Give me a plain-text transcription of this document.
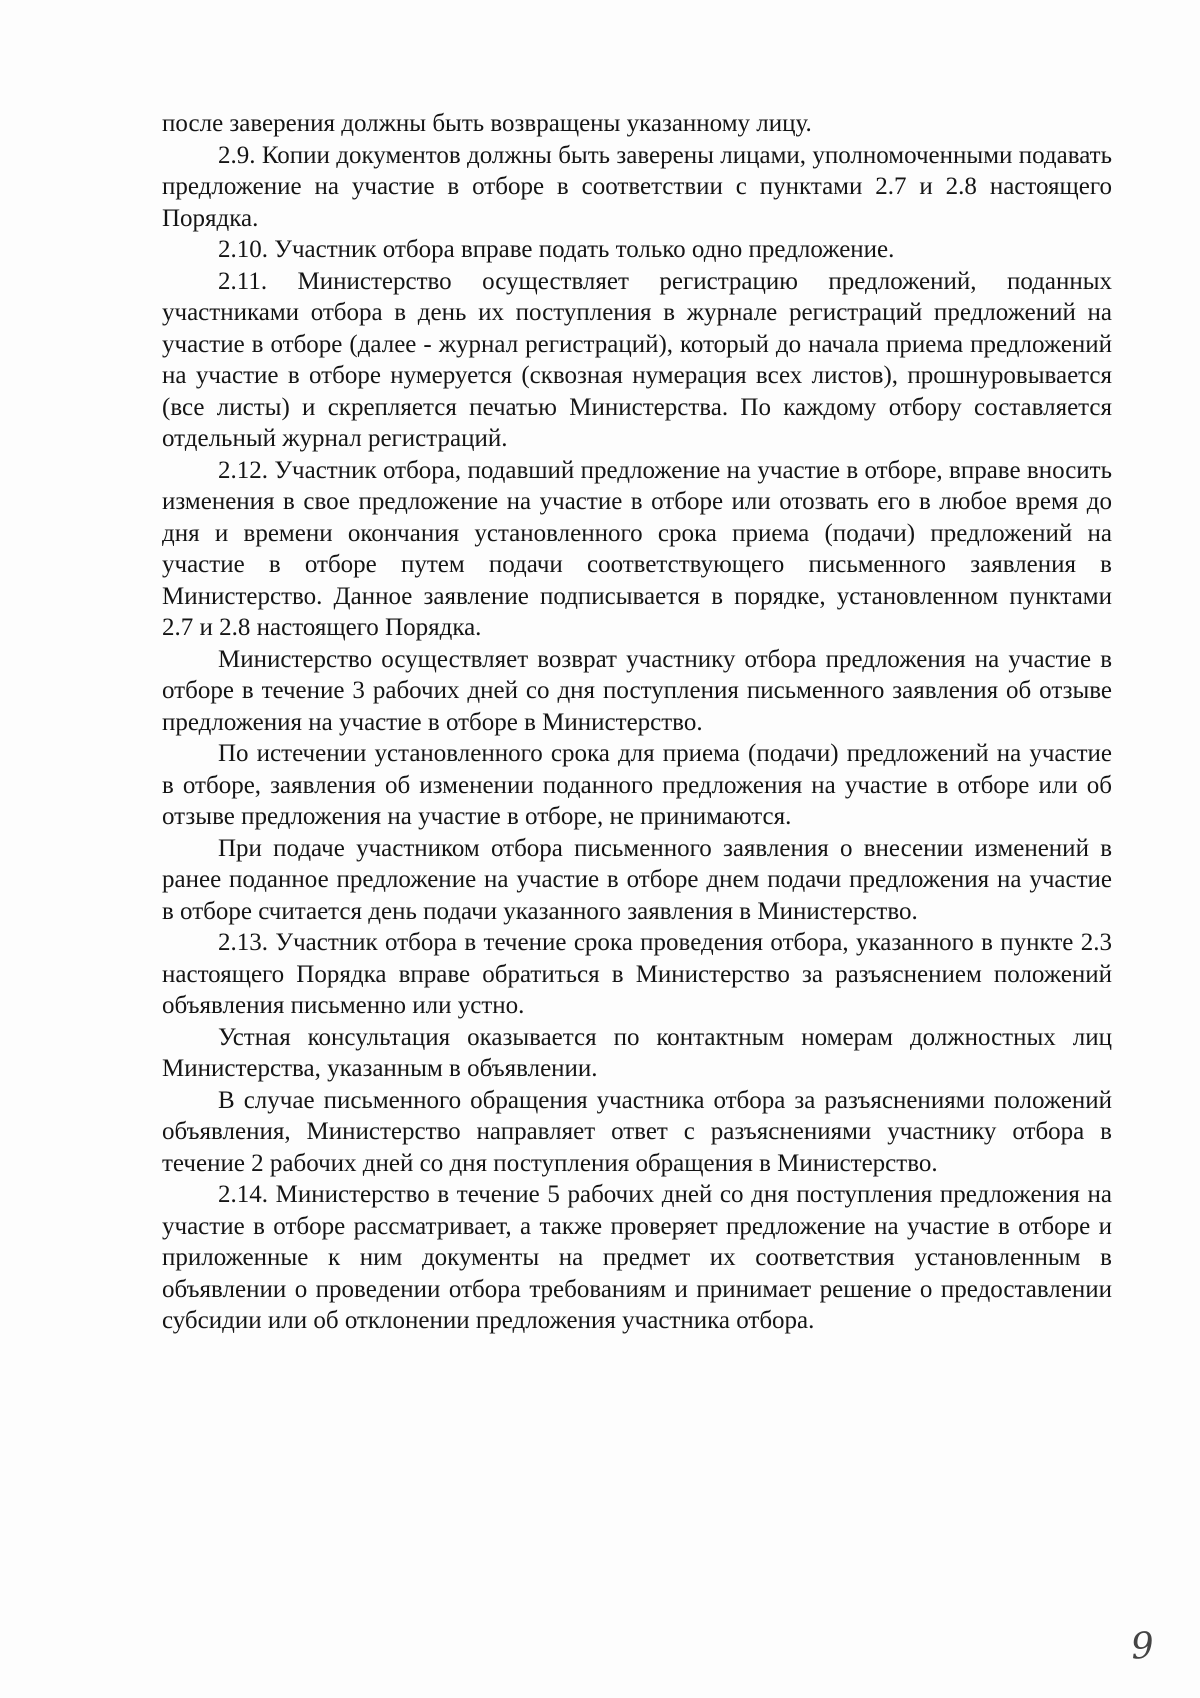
после заверения должны быть возвращены указанному лицу.

2.9. Копии документов должны быть заверены лицами, уполномоченными подавать предложение на участие в отборе в соответствии с пунктами 2.7 и 2.8 настоящего Порядка.

2.10. Участник отбора вправе подать только одно предложение.

2.11. Министерство осуществляет регистрацию предложений, поданных участниками отбора в день их поступления в журнале регистраций предложений на участие в отборе (далее - журнал регистраций), который до начала приема предложений на участие в отборе нумеруется (сквозная нумерация всех листов), прошнуровывается (все листы) и скрепляется печатью Министерства. По каждому отбору составляется отдельный журнал регистраций.

2.12. Участник отбора, подавший предложение на участие в отборе, вправе вносить изменения в свое предложение на участие в отборе или отозвать его в любое время до дня и времени окончания установленного срока приема (подачи) предложений на участие в отборе путем подачи соответствующего письменного заявления в Министерство. Данное заявление подписывается в порядке, установленном пунктами 2.7 и 2.8 настоящего Порядка.

Министерство осуществляет возврат участнику отбора предложения на участие в отборе в течение 3 рабочих дней со дня поступления письменного заявления об отзыве предложения на участие в отборе в Министерство.

По истечении установленного срока для приема (подачи) предложений на участие в отборе, заявления об изменении поданного предложения на участие в отборе или об отзыве предложения на участие в отборе, не принимаются.

При подаче участником отбора письменного заявления о внесении изменений в ранее поданное предложение на участие в отборе днем подачи предложения на участие в отборе считается день подачи указанного заявления в Министерство.

2.13. Участник отбора в течение срока проведения отбора, указанного в пункте 2.3 настоящего Порядка вправе обратиться в Министерство за разъяснением положений объявления письменно или устно.

Устная консультация оказывается по контактным номерам должностных лиц Министерства, указанным в объявлении.

В случае письменного обращения участника отбора за разъяснениями положений объявления, Министерство направляет ответ с разъяснениями участнику отбора в течение 2 рабочих дней со дня поступления обращения в Министерство.

2.14. Министерство в течение 5 рабочих дней со дня поступления предложения на участие в отборе рассматривает, а также проверяет предложение на участие в отборе и приложенные к ним документы на предмет их соответствия установленным в объявлении о проведении отбора требованиям и принимает решение о предоставлении субсидии или об отклонении предложения участника отбора.

9
